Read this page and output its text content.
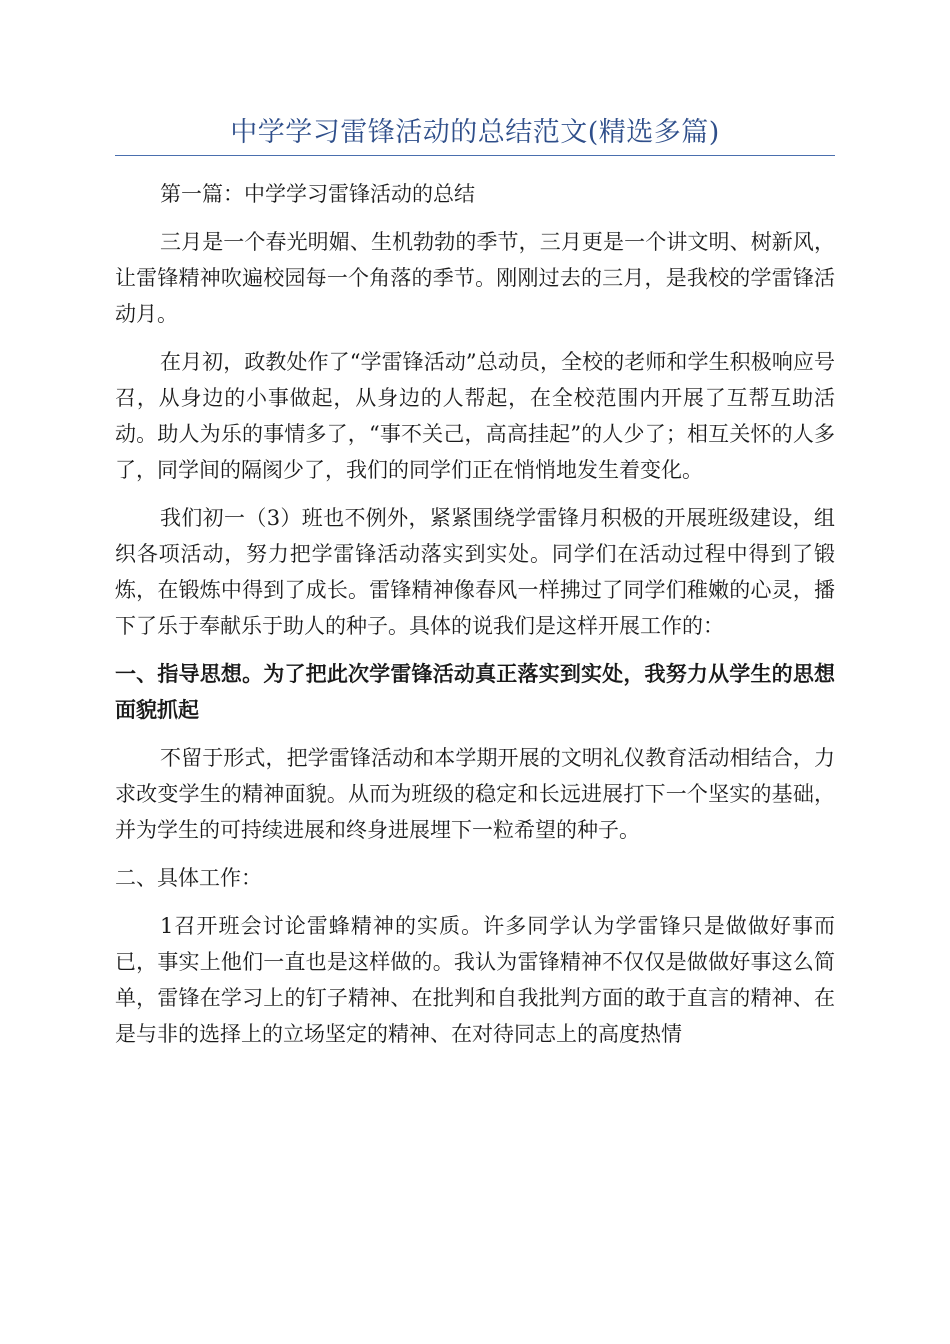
中学学习雷锋活动的总结范文(精选多篇)

第一篇：中学学习雷锋活动的总结

三月是一个春光明媚、生机勃勃的季节，三月更是一个讲文明、树新风，让雷锋精神吹遍校园每一个角落的季节。刚刚过去的三月，是我校的学雷锋活动月。

在月初，政教处作了“学雷锋活动”总动员，全校的老师和学生积极响应号召，从身边的小事做起，从身边的人帮起，在全校范围内开展了互帮互助活动。助人为乐的事情多了，“事不关己，高高挂起”的人少了；相互关怀的人多了，同学间的隔阂少了，我们的同学们正在悄悄地发生着变化。

我们初一（3）班也不例外，紧紧围绕学雷锋月积极的开展班级建设，组织各项活动，努力把学雷锋活动落实到实处。同学们在活动过程中得到了锻炼，在锻炼中得到了成长。雷锋精神像春风一样拂过了同学们稚嫩的心灵，播下了乐于奉献乐于助人的种子。具体的说我们是这样开展工作的：

一、指导思想。为了把此次学雷锋活动真正落实到实处，我努力从学生的思想面貌抓起

不留于形式，把学雷锋活动和本学期开展的文明礼仪教育活动相结合，力求改变学生的精神面貌。从而为班级的稳定和长远进展打下一个坚实的基础，并为学生的可持续进展和终身进展埋下一粒希望的种子。

二、具体工作：

1召开班会讨论雷蜂精神的实质。许多同学认为学雷锋只是做做好事而已，事实上他们一直也是这样做的。我认为雷锋精神不仅仅是做做好事这么简单，雷锋在学习上的钉子精神、在批判和自我批判方面的敢于直言的精神、在是与非的选择上的立场坚定的精神、在对待同志上的高度热情
